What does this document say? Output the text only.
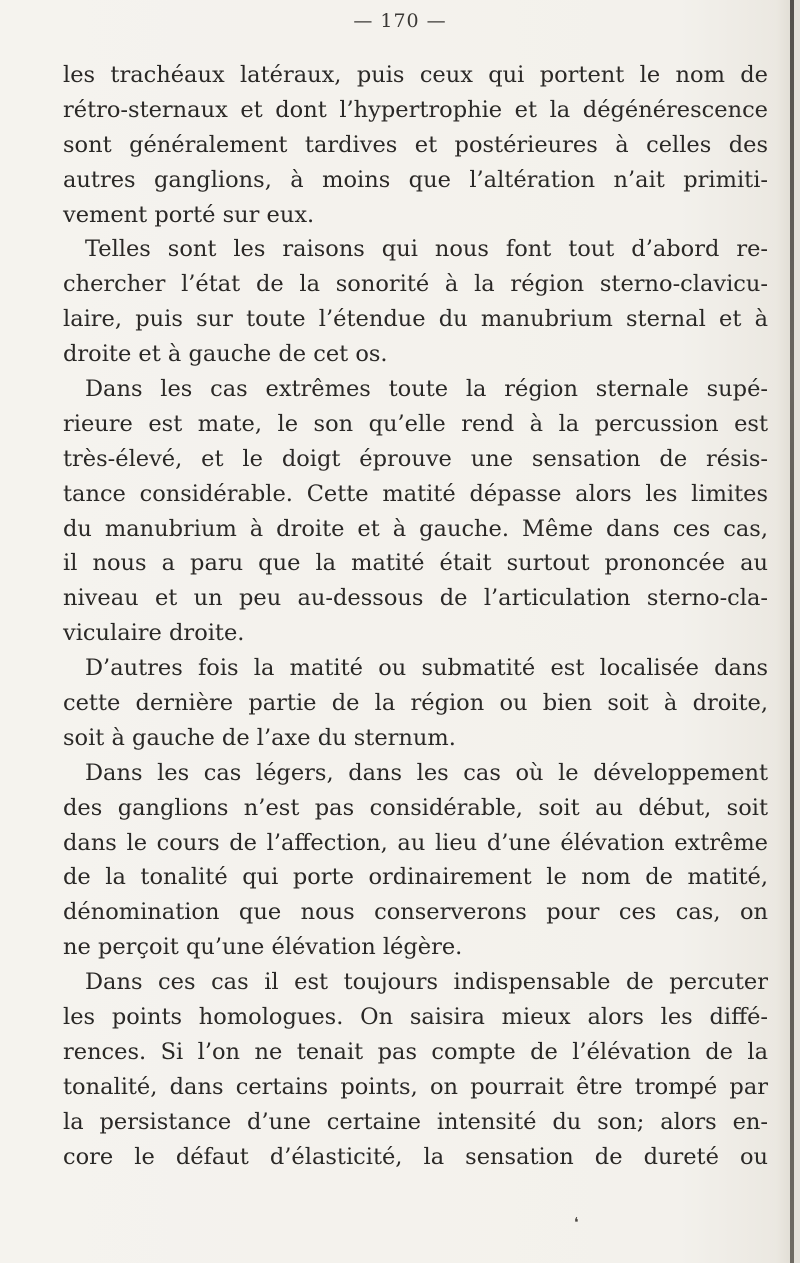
— 170 —
les trachéaux latéraux, puis ceux qui portent le nom de
rétro-sternaux et dont l’hypertrophie et la dégénérescence
sont généralement tardives et postérieures à celles des
autres ganglions, à moins que l’altération n’ait primiti-
vement porté sur eux.
Telles sont les raisons qui nous font tout d’abord re-
chercher l’état de la sonorité à la région sterno-clavicu-
laire, puis sur toute l’étendue du manubrium sternal et à
droite et à gauche de cet os.
Dans les cas extrêmes toute la région sternale supé-
rieure est mate, le son qu’elle rend à la percussion est
très-élevé, et le doigt éprouve une sensation de résis-
tance considérable. Cette matité dépasse alors les limites
du manubrium à droite et à gauche. Même dans ces cas,
il nous a paru que la matité était surtout prononcée au
niveau et un peu au-dessous de l’articulation sterno-cla-
viculaire droite.
D’autres fois la matité ou submatité est localisée dans
cette dernière partie de la région ou bien soit à droite,
soit à gauche de l’axe du sternum.
Dans les cas légers, dans les cas où le développement
des ganglions n’est pas considérable, soit au début, soit
dans le cours de l’affection, au lieu d’une élévation extrême
de la tonalité qui porte ordinairement le nom de matité,
dénomination que nous conserverons pour ces cas, on
ne perçoit qu’une élévation légère.
Dans ces cas il est toujours indispensable de percuter
les points homologues. On saisira mieux alors les diffé-
rences. Si l’on ne tenait pas compte de l’élévation de la
tonalité, dans certains points, on pourrait être trompé par
la persistance d’une certaine intensité du son; alors en-
core le défaut d’élasticité, la sensation de dureté ou
❛
